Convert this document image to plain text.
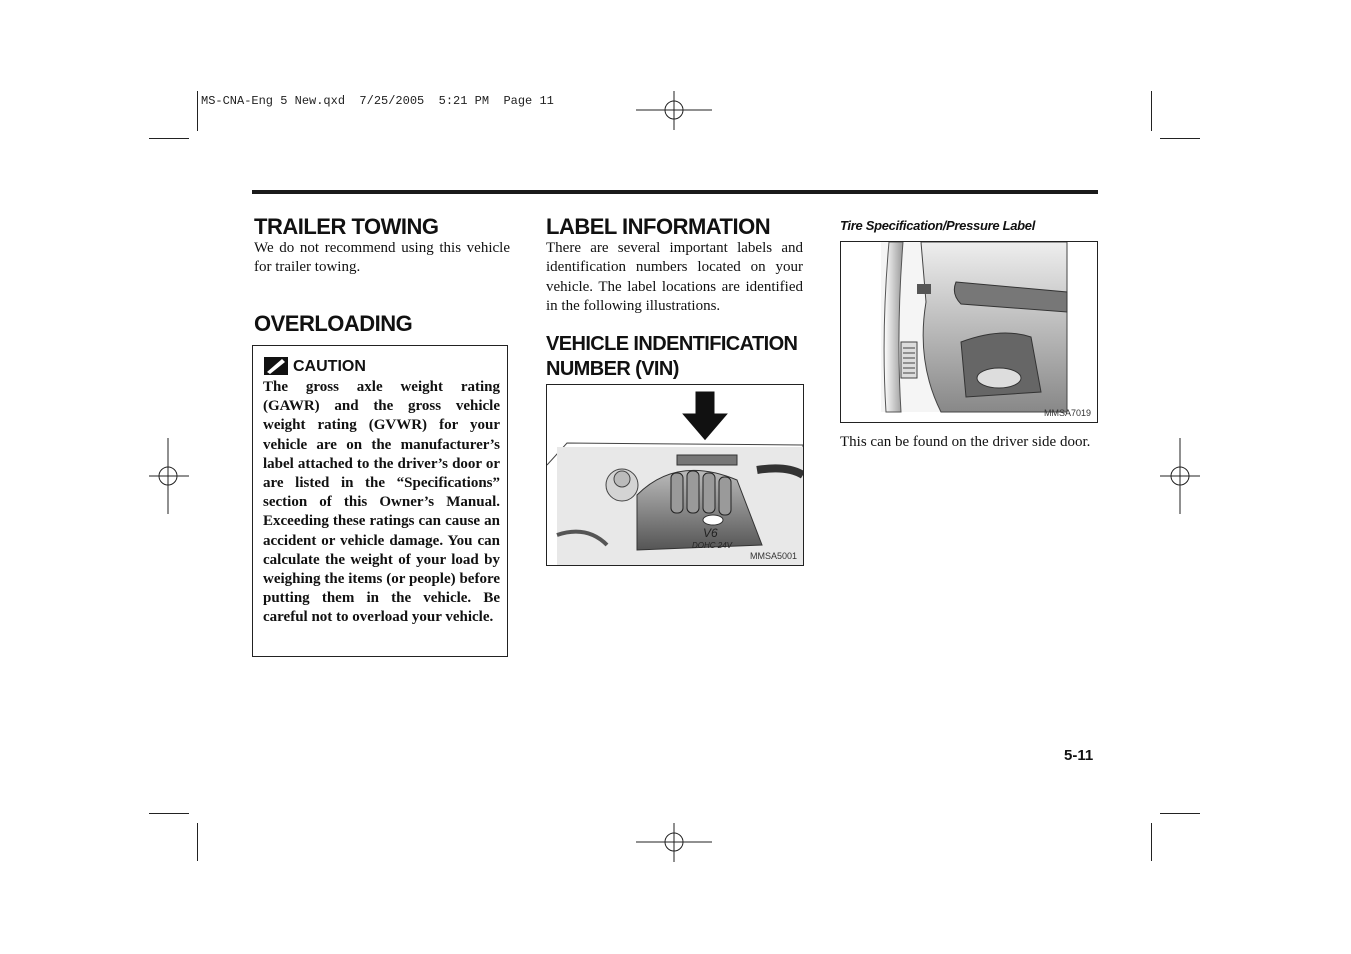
MS-CNA-Eng 5 New.qxd  7/25/2005  5:21 PM  Page 11
TRAILER TOWING
We do not recommend using this vehicle for trailer towing.
OVERLOADING
CAUTION
The gross axle weight rating (GAWR) and the gross vehicle weight rating (GVWR) for your vehicle are on the manufacturer’s label attached to the driver’s door or are listed in the “Specifications” section of this Owner’s Manual. Exceeding these ratings can cause an accident or vehicle damage. You can calculate the weight of your load by weighing the items (or people) before putting them in the vehicle. Be careful not to overload your vehicle.
LABEL INFORMATION
There are several important labels and identification numbers located on your vehicle. The label locations are identified in the following illustrations.
VEHICLE INDENTIFICATION
NUMBER (VIN)
V6
DOHC 24V
MMSA5001
Tire Specification/Pressure Label
MMSA7019
This can be found on the driver side door.
5-11
